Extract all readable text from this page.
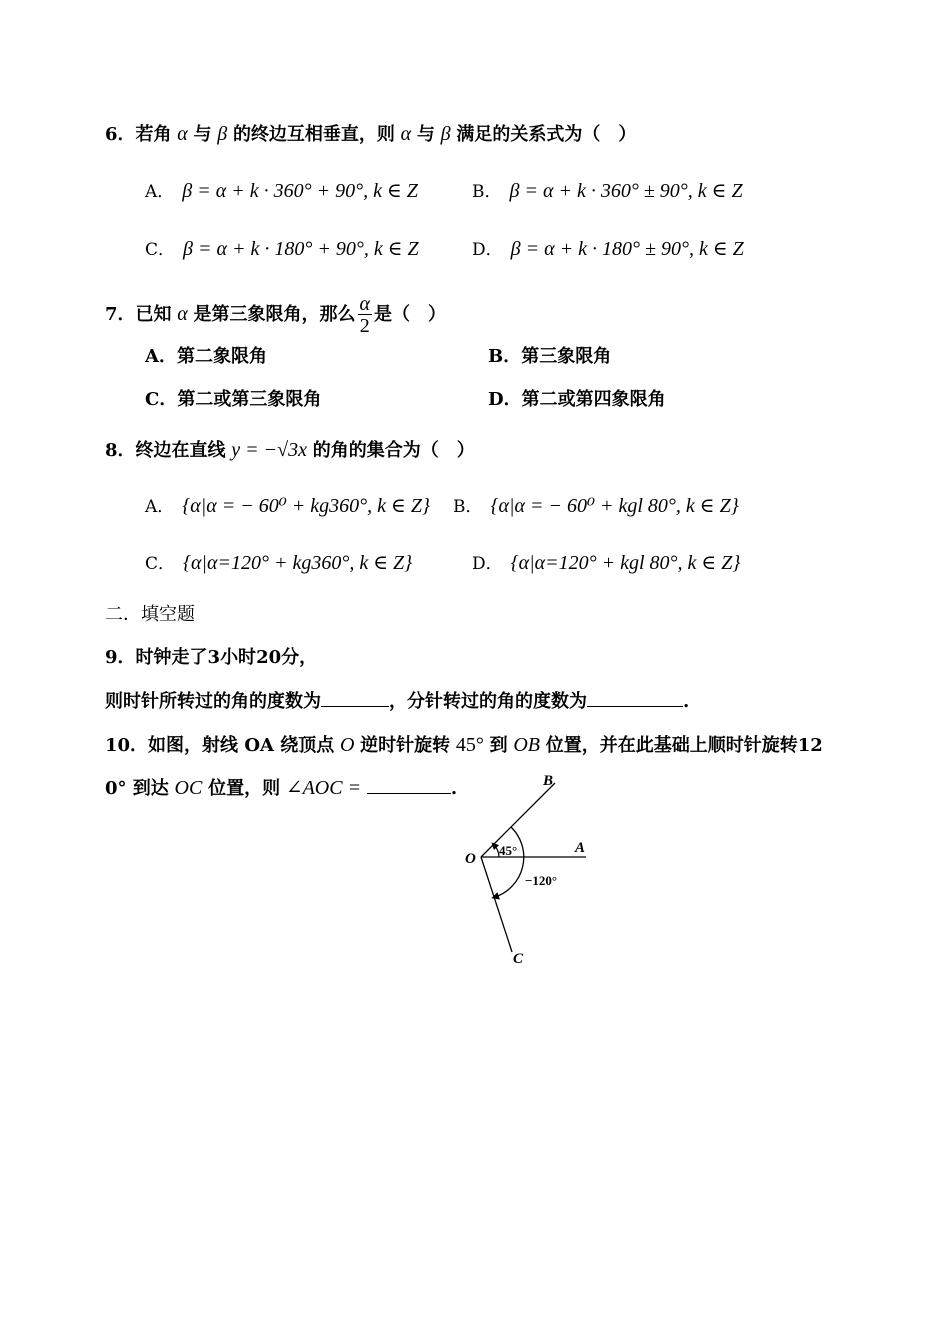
6．若角 α 与 β 的终边互相垂直，则 α 与 β 满足的关系式为（　）
A． β = α + k · 360° + 90°, k ∈ Z	B． β = α + k · 360° ± 90°, k ∈ Z
C． β = α + k · 180° + 90°, k ∈ Z	D． β = α + k · 180° ± 90°, k ∈ Z
7．已知 α 是第三象限角，那么 $\frac{\alpha}{2}$ 是（　）
A．第二象限角	B．第三象限角
C．第二或第三象限角	D．第二或第四象限角
8．终边在直线 y = −√3x 的角的集合为（　）
A． {α|α = − 60⁰ + kg360°, k ∈ Z} B． {α|α = − 60⁰ + kgl 80°, k ∈ Z}
C． {α|α=120° + kg360°, k ∈ Z}	D． {α|α=120° + kgl 80°, k ∈ Z}
二．填空题
9．时钟走了3小时20分，
则时针所转过的角的度数为	，分针转过的角的度数为	.
10．如图，射线 OA 绕顶点 O 逆时针旋转 45° 到 OB 位置，并在此基础上顺时针旋转12
0° 到达 OC 位置，则 ∠AOC =	.
O
A
B
C
45°
−120°
